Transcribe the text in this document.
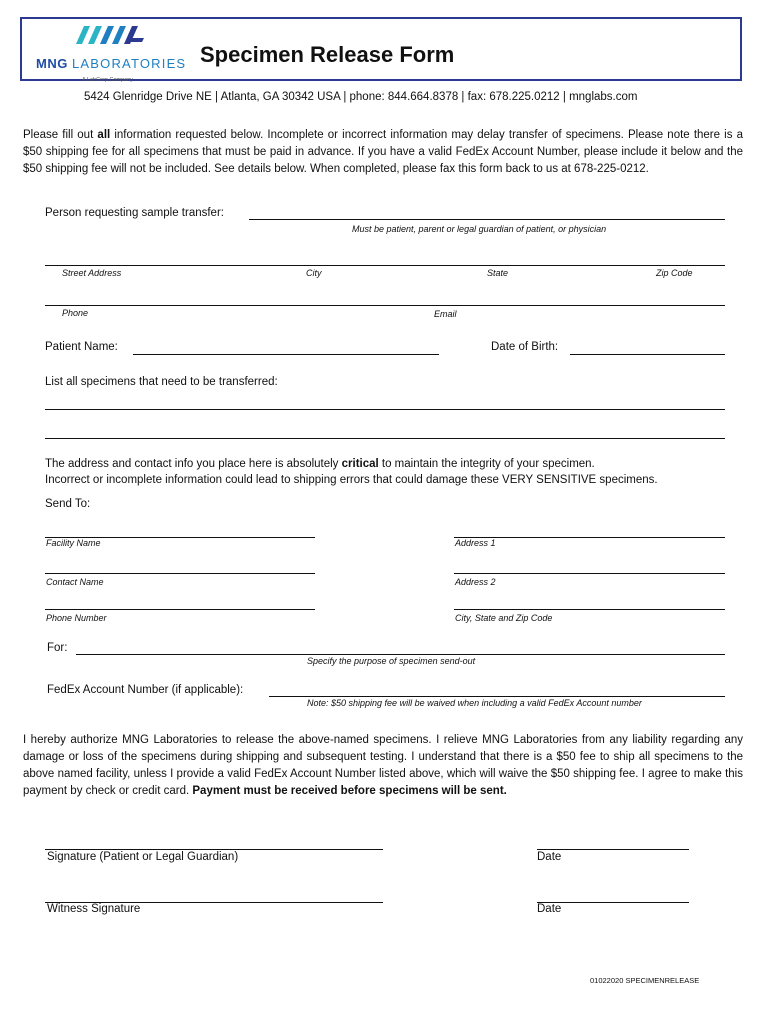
MNG LABORATORIES
A LabCorp Company
Specimen Release Form
5424 Glenridge Drive NE | Atlanta, GA 30342 USA | phone: 844.664.8378 | fax: 678.225.0212 | mnglabs.com
Please fill out all information requested below. Incomplete or incorrect information may delay transfer of specimens. Please note there is a $50 shipping fee for all specimens that must be paid in advance. If you have a valid FedEx Account Number, please include it below and the $50 shipping fee will not be included. See details below. When completed, please fax this form back to us at 678-225-0212.
Person requesting sample transfer:
Must be patient, parent or legal guardian of patient, or physician
Street Address	City	State	Zip Code
Phone	Email
Patient Name:	Date of Birth:
List all specimens that need to be transferred:
The address and contact info you place here is absolutely critical to maintain the integrity of your specimen.
Incorrect or incomplete information could lead to shipping errors that could damage these VERY SENSITIVE specimens.
Send To:
Facility Name	Address 1
Contact Name	Address 2
Phone Number	City, State and Zip Code
For:
Specify the purpose of specimen send-out
FedEx Account Number (if applicable):
Note: $50 shipping fee will be waived when including a valid FedEx Account number
I hereby authorize MNG Laboratories to release the above-named specimens. I relieve MNG Laboratories from any liability regarding any damage or loss of the specimens during shipping and subsequent testing. I understand that there is a $50 fee to ship all specimens to the above named facility, unless I provide a valid FedEx Account Number listed above, which will waive the $50 shipping fee. I agree to make this payment by check or credit card. Payment must be received before specimens will be sent.
Signature (Patient or Legal Guardian)	Date
Witness Signature	Date
01022020 SPECIMENRELEASE
